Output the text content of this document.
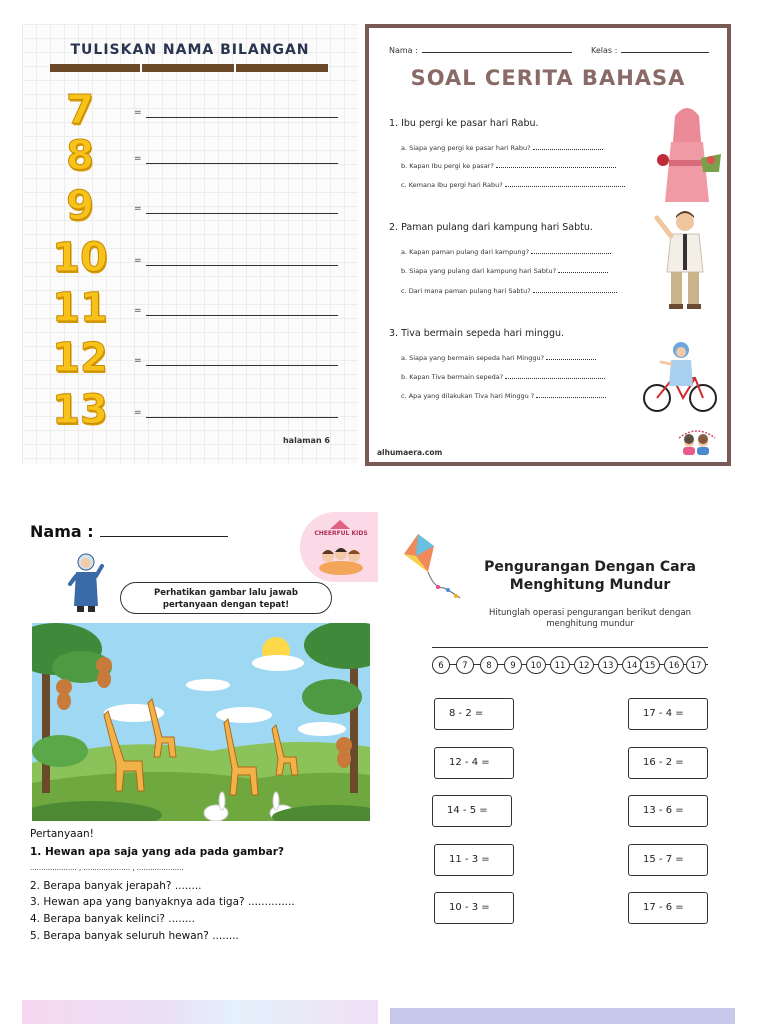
TULISKAN NAMA BILANGAN
7	=
8	=
9	=
10	=
11	=
12	=
13	=
halaman 6
Nama :	Kelas :
SOAL CERITA BAHASA
1. Ibu pergi ke pasar hari Rabu.
a. Siapa yang pergi ke pasar hari Rabu?
b. Kapan Ibu pergi ke pasar?
c. Kemana Ibu pergi hari Rabu?
2. Paman pulang dari kampung hari Sabtu.
a. Kapan paman pulang dari kampung?
b. Siapa yang pulang dari kampung hari Sabtu?
c. Dari mana paman pulang hari Sabtu?
3. Tiva bermain sepeda hari minggu.
a. Siapa yang bermain sepeda hari Minggu?
b. Kapan Tiva bermain sepeda?
c. Apa yang dilakukan Tiva hari Minggu ?
alhumaera.com
Nama :	CHEERFUL KIDS
Perhatikan gambar lalu jawab
pertanyaan dengan tepat!
Pertanyaan!
1. Hewan apa saja yang ada pada gambar?
..................... , ..................... , .....................
2. Berapa banyak jerapah? ........
3. Hewan apa yang banyaknya ada tiga? ..............
4. Berapa banyak kelinci? ........
5. Berapa banyak seluruh hewan? ........
Pengurangan Dengan Cara
Menghitung Mundur
Hitunglah operasi pengurangan berikut dengan
menghitung mundur
6	7	8	9	10	11	12	13	14 15	16	17
8 - 2 =
12 - 4 =
14 - 5 =
11 - 3 =
10 - 3 =
17 - 4 =
16 - 2 =
13 - 6 =
15 - 7 =
17 - 6 =
